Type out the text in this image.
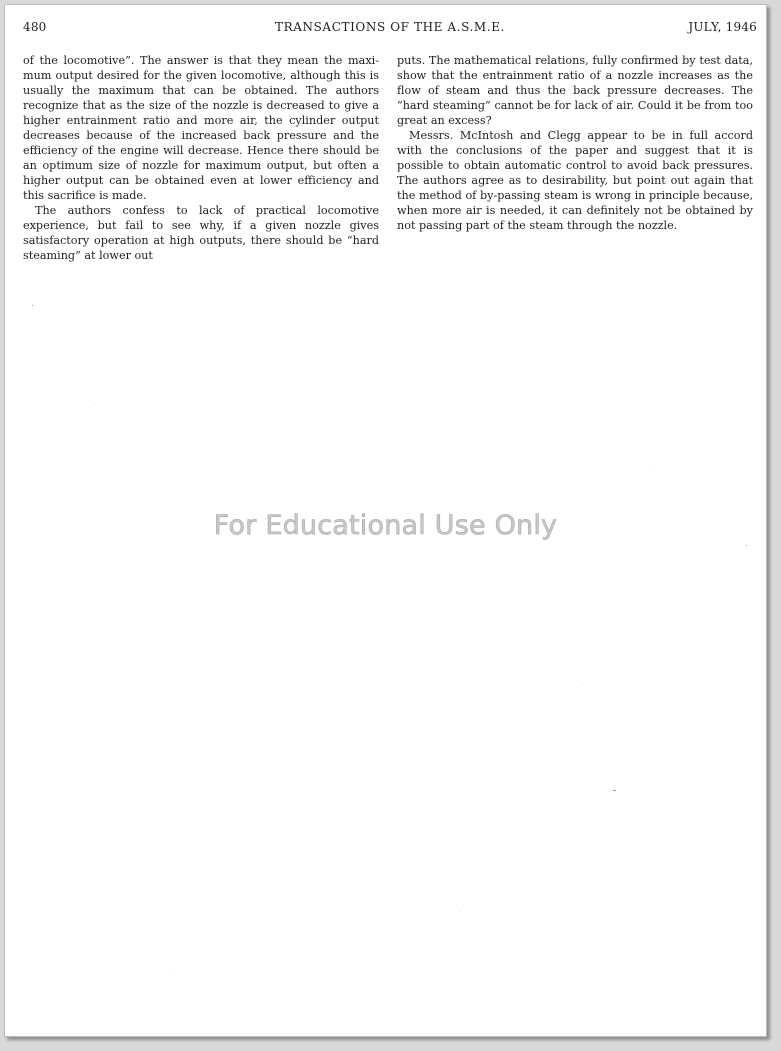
480	TRANSACTIONS OF THE A.S.M.E.	JULY, 1946

of the locomotive”. The answer is that they mean the maximum output desired for the given locomotive, although this is usually the maximum that can be obtained. The authors recognize that as the size of the nozzle is decreased to give a higher entrainment ratio and more air, the cylinder output decreases because of the increased back pressure and the efficiency of the engine will decrease. Hence there should be an optimum size of nozzle for maximum output, but often a higher output can be obtained even at lower efficiency and this sacrifice is made.

The authors confess to lack of practical locomotive experience, but fail to see why, if a given nozzle gives satisfactory operation at high outputs, there should be “hard steaming” at lower out

puts. The mathematical relations, fully confirmed by test data, show that the entrainment ratio of a nozzle increases as the flow of steam and thus the back pressure decreases. The “hard steaming” cannot be for lack of air. Could it be from too great an excess?

Messrs. McIntosh and Clegg appear to be in full accord with the conclusions of the paper and suggest that it is possible to obtain automatic control to avoid back pressures. The authors agree as to desirability, but point out again that the method of by-passing steam is wrong in principle because, when more air is needed, it can definitely not be obtained by not passing part of the steam through the nozzle.

For Educational Use Only
